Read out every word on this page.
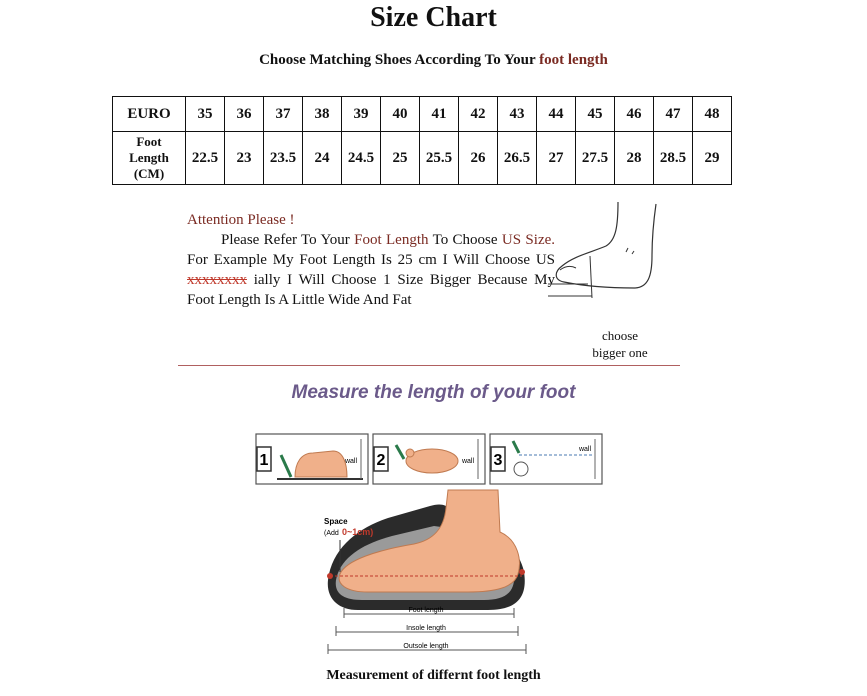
Size Chart
Choose Matching Shoes According To Your foot length
EURO	35	36	37	38	39	40	41	42	43	44	45	46	47	48
Foot
Length
(CM)	22.5	23	23.5	24	24.5	25	25.5	26	26.5	27	27.5	28	28.5	29
Attention Please !
Please Refer To Your Foot Length To Choose US Size. For Example My Foot Length Is 25 cm I Will Choose US xxxxxxxx ially I Will Choose 1 Size Bigger Because My Foot Length Is A Little Wide And Fat
choose
bigger one
Measure the length of your foot
1	wall 2	wall 3
wall
Space
(Add 0~1cm)
Foot length
Insole length
Outsole length
Measurement of differnt foot length
